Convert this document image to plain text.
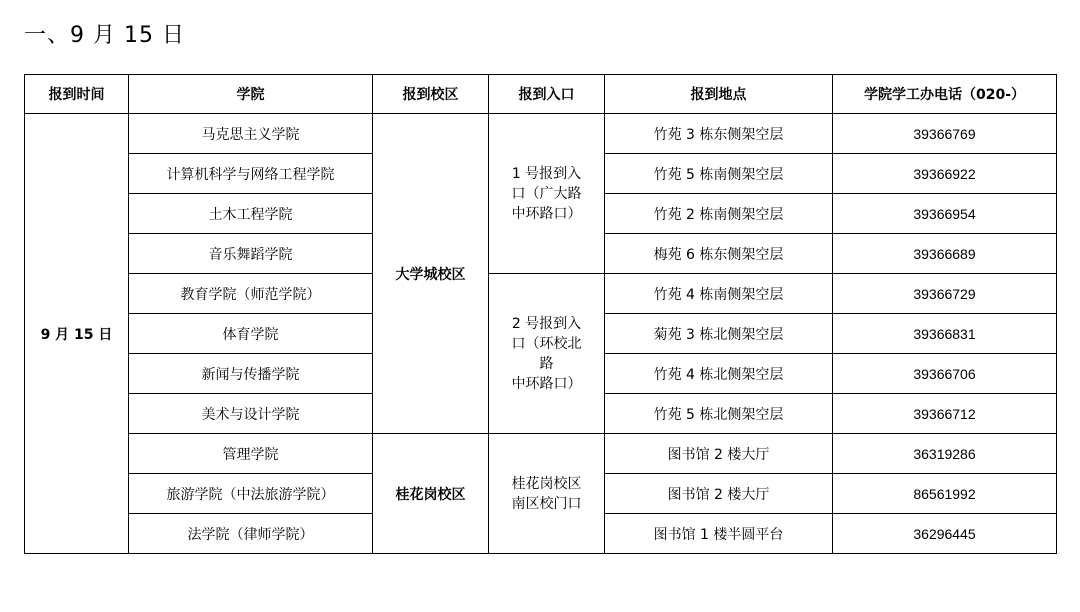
一、9 月 15 日
报到时间	学院	报到校区	报到入口	报到地点	学院学工办电话（020-）
9 月 15 日	马克思主义学院	大学城校区	1 号报到入
口（广大路
中环路口）	竹苑 3 栋东侧架空层	39366769
	计算机科学与网络工程学院			竹苑 5 栋南侧架空层	39366922
	土木工程学院			竹苑 2 栋南侧架空层	39366954
	音乐舞蹈学院			梅苑 6 栋东侧架空层	39366689
	教育学院（师范学院）		2 号报到入
口（环校北
路
中环路口）	竹苑 4 栋南侧架空层	39366729
	体育学院			菊苑 3 栋北侧架空层	39366831
	新闻与传播学院			竹苑 4 栋北侧架空层	39366706
	美术与设计学院			竹苑 5 栋北侧架空层	39366712
	管理学院	桂花岗校区	桂花岗校区
南区校门口	图书馆 2 楼大厅	36319286
	旅游学院（中法旅游学院）			图书馆 2 楼大厅	86561992
	法学院（律师学院）			图书馆 1 楼半圆平台	36296445
